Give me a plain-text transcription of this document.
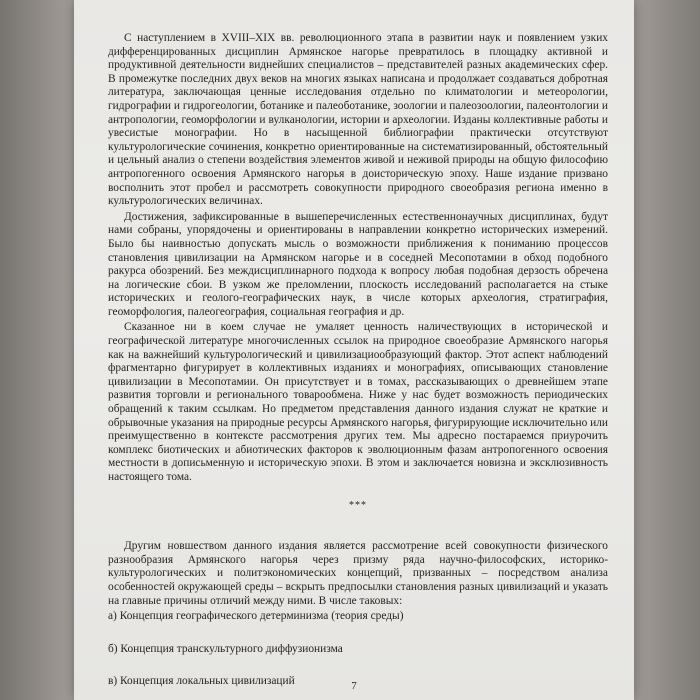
С наступлением в XVIII–XIX вв. революционного этапа в развитии наук и появлением узких дифференцированных дисциплин Армянское нагорье превратилось в площадку активной и продуктивной деятельности виднейших специалистов – представителей разных академических сфер. В промежутке последних двух веков на многих языках написана и продолжает создаваться добротная литература, заключающая ценные исследования отдельно по климатологии и метеорологии, гидрографии и гидрогеологии, ботанике и палеоботанике, зоологии и палеозоологии, палеонтологии и антропологии, геоморфологии и вулканологии, истории и археологии. Изданы коллективные работы и увесистые монографии. Но в насыщенной библиографии практически отсутствуют культурологические сочинения, конкретно ориентированные на систематизированный, обстоятельный и цельный анализ о степени воздействия элементов живой и неживой природы на общую философию антропогенного освоения Армянского нагорья в доисторическую эпоху. Наше издание призвано восполнить этот пробел и рассмотреть совокупности природного своеобразия региона именно в культурологических величинах.

Достижения, зафиксированные в вышеперечисленных естественнонаучных дисциплинах, будут нами собраны, упорядочены и ориентированы в направлении конкретно исторических измерений. Было бы наивностью допускать мысль о возможности приближения к пониманию процессов становления цивилизации на Армянском нагорье и в соседней Месопотамии в обход подобного ракурса обозрений. Без междисциплинарного подхода к вопросу любая подобная дерзость обречена на логические сбои. В узком же преломлении, плоскость исследований располагается на стыке исторических и геолого-географических наук, в числе которых археология, стратиграфия, геоморфология, палеогеография, социальная география и др.

Сказанное ни в коем случае не умаляет ценность наличествующих в исторической и географической литературе многочисленных ссылок на природное своеобразие Армянского нагорья как на важнейший культурологический и цивилизациообразующий фактор. Этот аспект наблюдений фрагментарно фигурирует в коллективных изданиях и монографиях, описывающих становление цивилизации в Месопотамии. Он присутствует и в томах, рассказывающих о древнейшем этапе развития торговли и регионального товарообмена. Ниже у нас будет возможность периодических обращений к таким ссылкам. Но предметом представления данного издания служат не краткие и обрывочные указания на природные ресурсы Армянского нагорья, фигурирующие исключительно или преимущественно в контексте рассмотрения других тем. Мы адресно постараемся приурочить комплекс биотических и абиотических факторов к эволюционным фазам антропогенного освоения местности в дописьменную и историческую эпохи. В этом и заключается новизна и эксклюзивность настоящего тома.

***

Другим новшеством данного издания является рассмотрение всей совокупности физического разнообразия Армянского нагорья через призму ряда научно-философских, историко-культурологических и политэкономических концепций, призванных – посредством анализа особенностей окружающей среды – вскрыть предпосылки становления разных цивилизаций и указать на главные причины отличий между ними. В числе таковых:

а) Концепция географического детерминизма (теория среды)

б) Концепция транскультурного диффузионизма

в) Концепция локальных цивилизаций	7
